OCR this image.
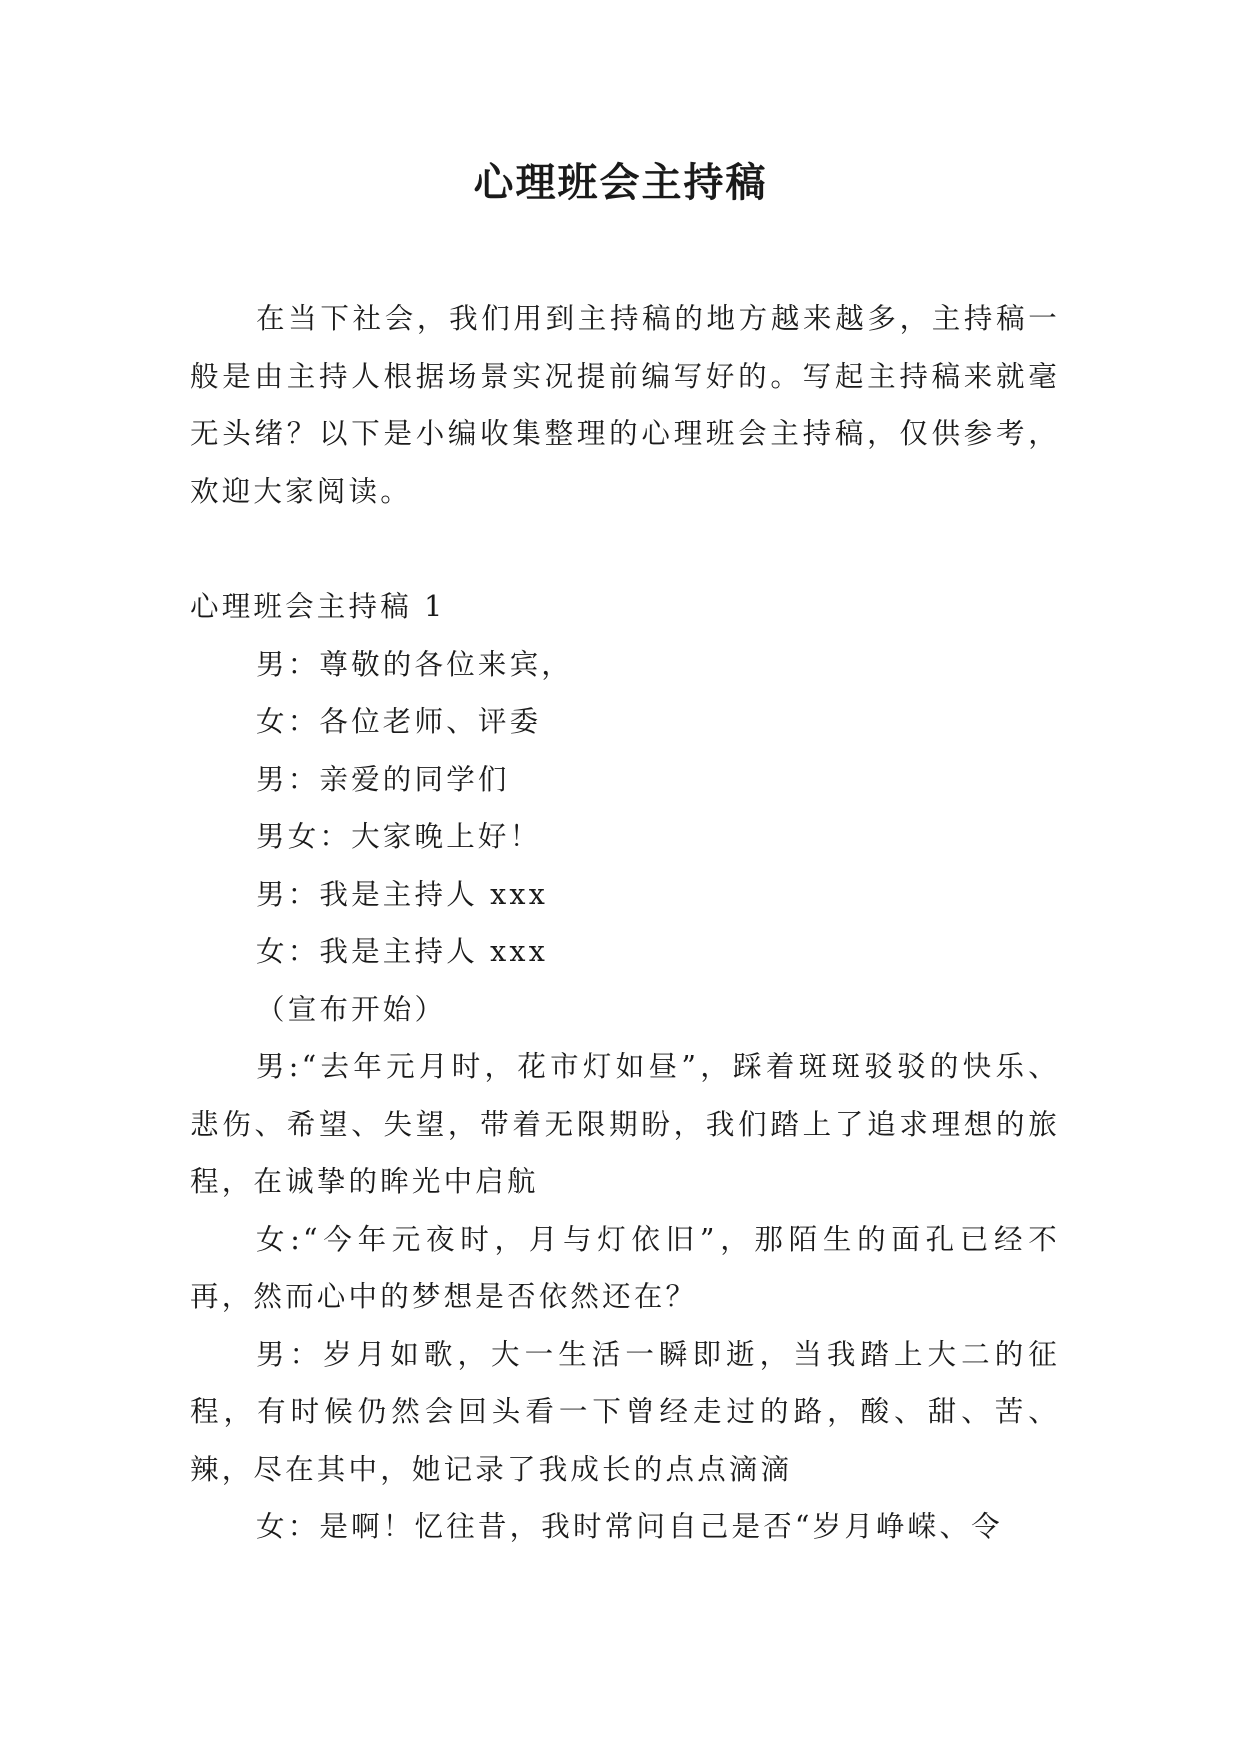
心理班会主持稿

在当下社会，我们用到主持稿的地方越来越多，主持稿一般是由主持人根据场景实况提前编写好的。写起主持稿来就毫无头绪？以下是小编收集整理的心理班会主持稿，仅供参考，欢迎大家阅读。

心理班会主持稿 1

男：尊敬的各位来宾，

女：各位老师、评委

男：亲爱的同学们

男女：大家晚上好！

男：我是主持人 xxx

女：我是主持人 xxx

（宣布开始）

男:“去年元月时，花市灯如昼”，踩着斑斑驳驳的快乐、悲伤、希望、失望，带着无限期盼，我们踏上了追求理想的旅程，在诚挚的眸光中启航

女:“今年元夜时，月与灯依旧”，那陌生的面孔已经不再，然而心中的梦想是否依然还在？

男：岁月如歌，大一生活一瞬即逝，当我踏上大二的征程，有时候仍然会回头看一下曾经走过的路，酸、甜、苦、辣，尽在其中，她记录了我成长的点点滴滴

女：是啊！忆往昔，我时常问自己是否“岁月峥嵘、令
